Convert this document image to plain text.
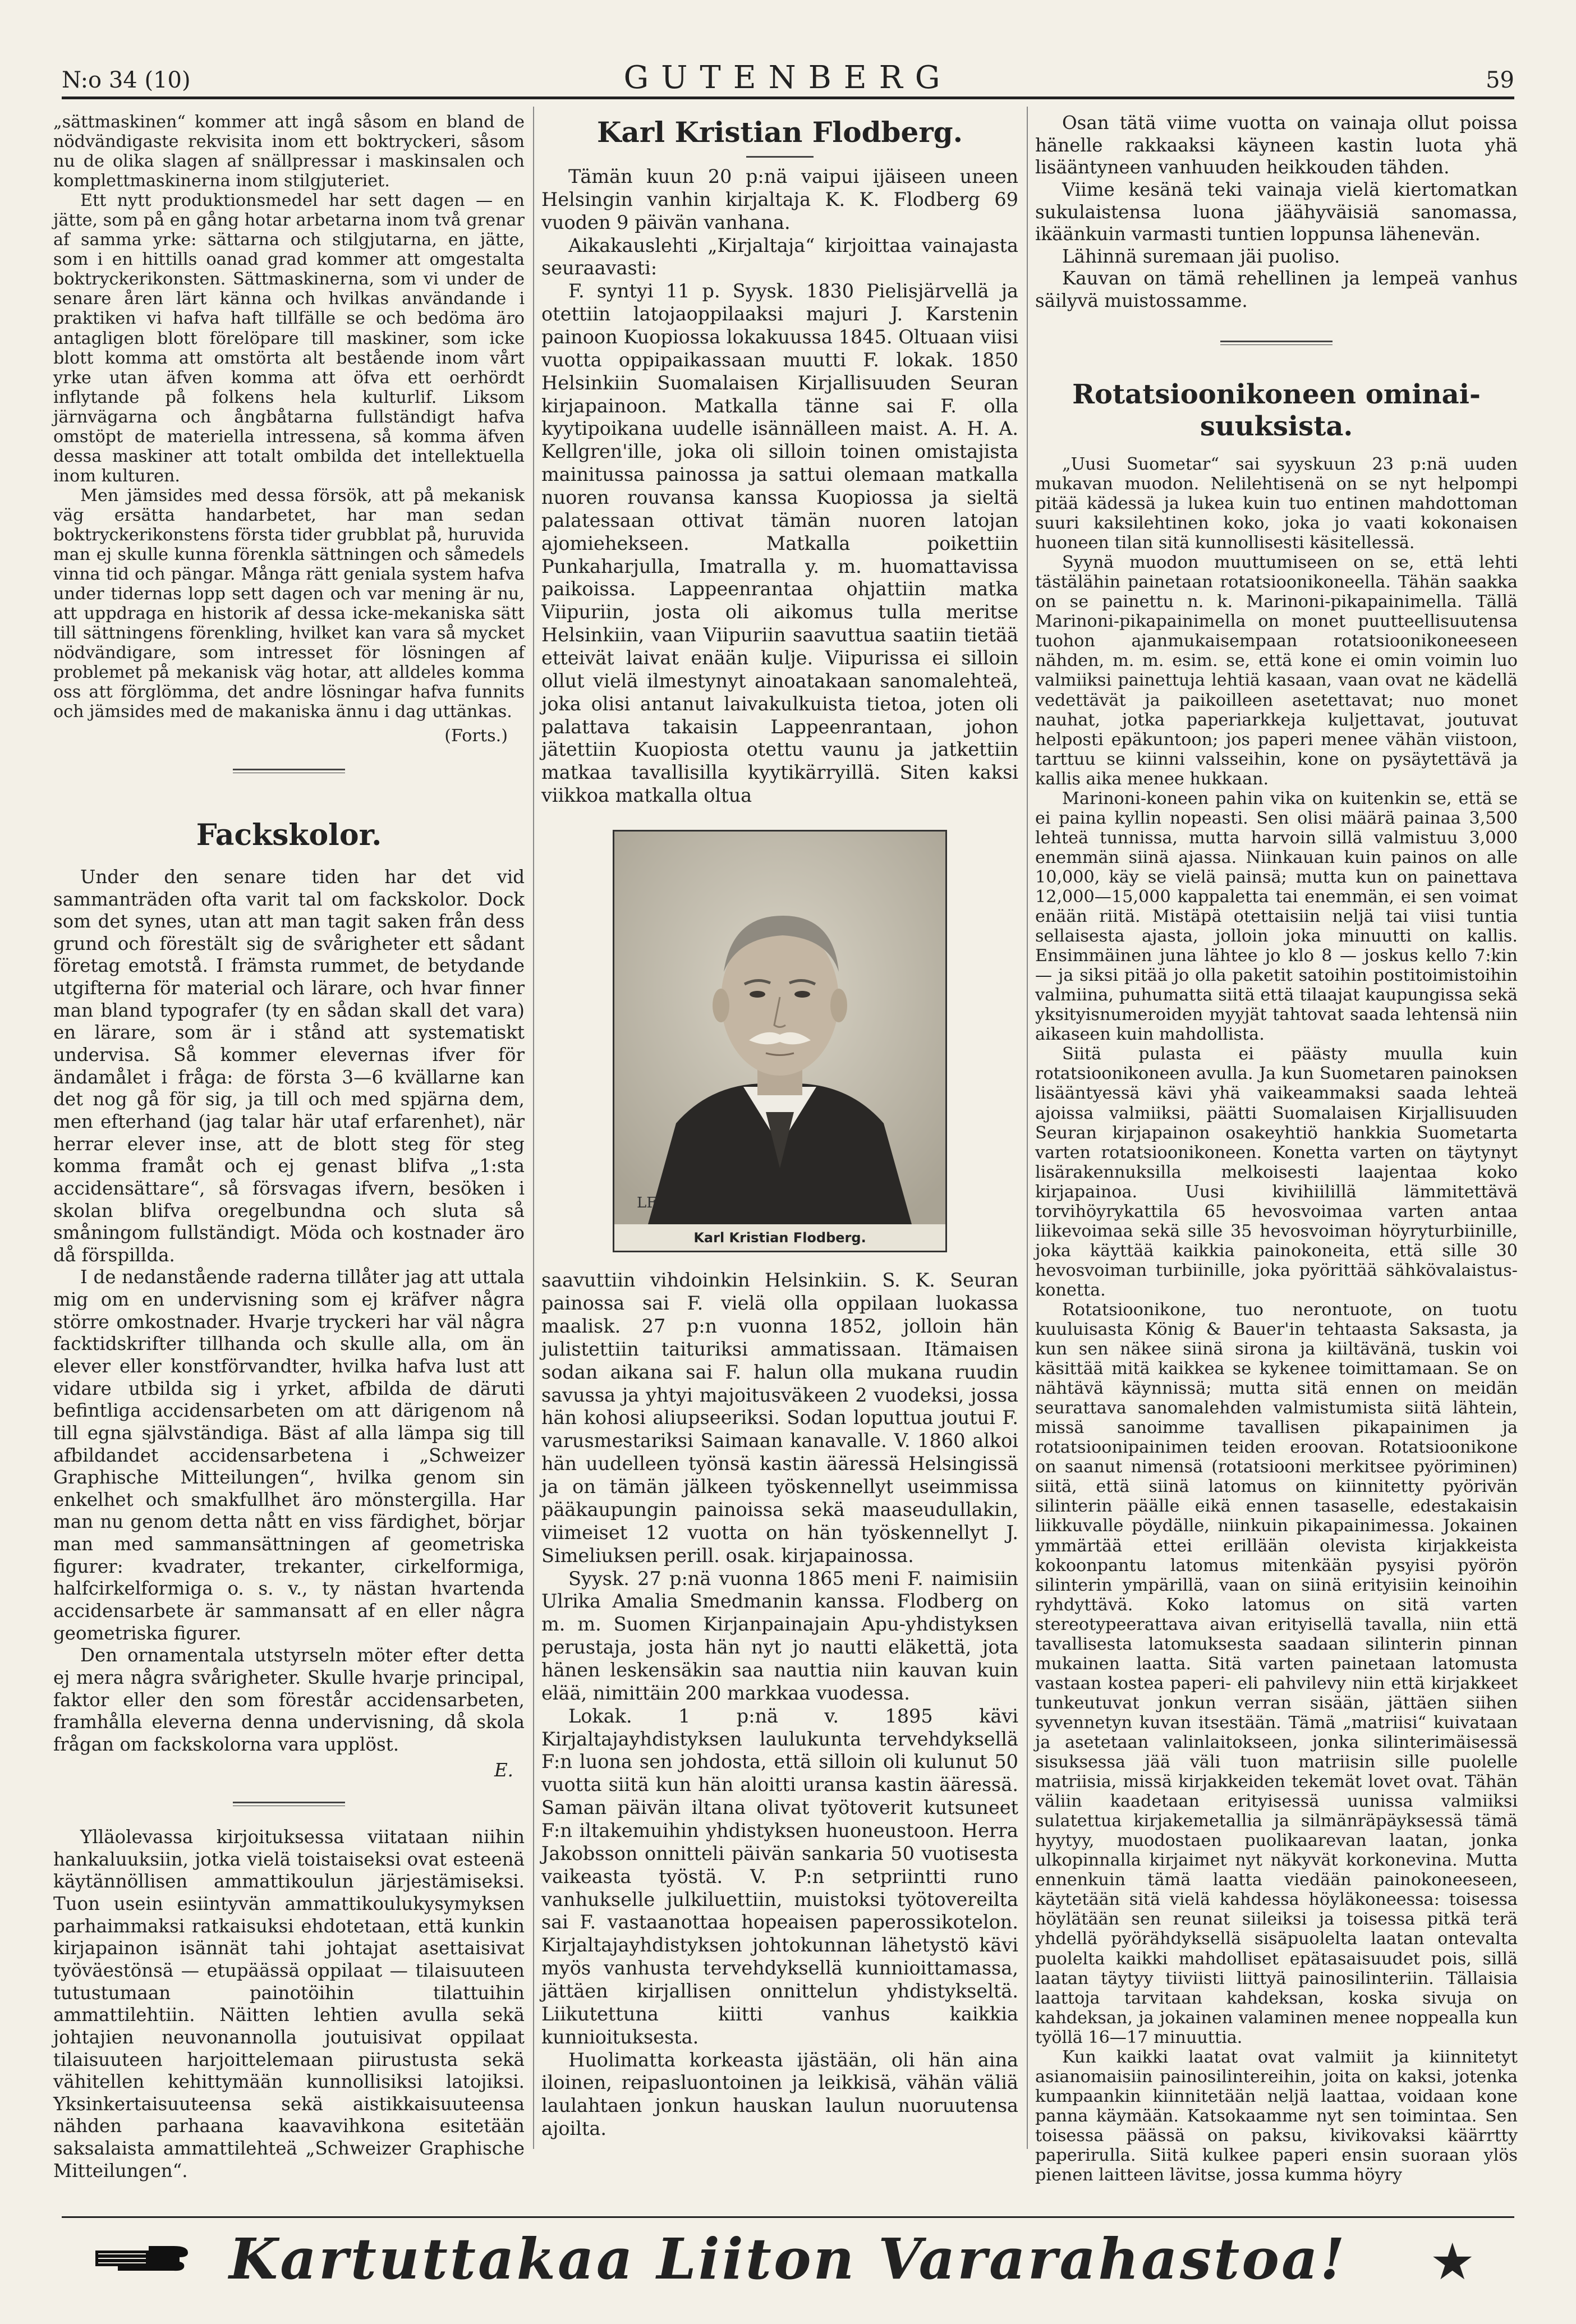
N:o 34 (10)	GUTENBERG	59

„sättmaskinen“ kommer att ingå såsom en bland de nödvändigaste rekvisita inom ett boktryckeri, såsom nu de olika slagen af snällpressar i maskinsalen och komplettmaskinerna inom stilgjuteriet.

Ett nytt produktionsmedel har sett dagen — en jätte, som på en gång hotar arbetarna inom två grenar af samma yrke: sättarna och stilgjutarna, en jätte, som i en hittills oanad grad kommer att omgestalta boktryckerikonsten. Sättmaskinerna, som vi under de senare åren lärt känna och hvilkas användande i praktiken vi hafva haft tillfälle se och bedöma äro antagligen blott förelöpare till maskiner, som icke blott komma att omstörta alt bestående inom vårt yrke utan äfven komma att öfva ett oerhördt inflytande på folkens hela kulturlif. Liksom järnvägarna och ångbåtarna fullständigt hafva omstöpt de materiella intressena, så komma äfven dessa maskiner att totalt ombilda det intellektuella inom kulturen.

Men jämsides med dessa försök, att på mekanisk väg ersätta handarbetet, har man sedan boktryckerikonstens första tider grubblat på, huruvida man ej skulle kunna förenkla sättningen och såmedels vinna tid och pängar. Många rätt geniala system hafva under tidernas lopp sett dagen och var mening är nu, att uppdraga en historik af dessa icke-mekaniska sätt till sättningens förenkling, hvilket kan vara så mycket nödvändigare, som intresset för lösningen af problemet på mekanisk väg hotar, att alldeles komma oss att förglömma, det andre lösningar hafva funnits och jämsides med de makaniska ännu i dag uttänkas.

(Forts.)
Fackskolor.

Under den senare tiden har det vid sammanträden ofta varit tal om fackskolor. Dock som det synes, utan att man tagit saken från dess grund och förestält sig de svårigheter ett sådant företag emotstå. I främsta rummet, de betydande utgifterna för material och lärare, och hvar finner man bland typografer (ty en sådan skall det vara) en lärare, som är i stånd att systematiskt undervisa. Så kommer elevernas ifver för ändamålet i fråga: de första 3—6 kvällarne kan det nog gå för sig, ja till och med spjärna dem, men efterhand (jag talar här utaf erfarenhet), när herrar elever inse, att de blott steg för steg komma framåt och ej genast blifva „1:sta accidensättare“, så försvagas ifvern, besöken i skolan blifva oregelbundna och sluta så småningom fullständigt. Möda och kostnader äro då förspillda.

I de nedanstående raderna tillåter jag att uttala mig om en undervisning som ej kräfver några större omkostnader. Hvarje tryckeri har väl några facktidskrifter tillhanda och skulle alla, om än elever eller konstförvandter, hvilka hafva lust att vidare utbilda sig i yrket, afbilda de däruti befintliga accidensarbeten om att därigenom nå till egna självständiga. Bäst af alla lämpa sig till afbildandet accidensarbetena i „Schweizer Graphische Mitteilungen“, hvilka genom sin enkelhet och smakfullhet äro mönstergilla. Har man nu genom detta nått en viss färdighet, börjar man med sammansättningen af geometriska figurer: kvadrater, trekanter, cirkelformiga, halfcirkelformiga o. s. v., ty nästan hvartenda accidensarbete är sammansatt af en eller några geometriska figurer.

Den ornamentala utstyrseln möter efter detta ej mera några svårigheter. Skulle hvarje principal, faktor eller den som förestår accidensarbeten, framhålla eleverna denna undervisning, då skola frågan om fackskolorna vara upplöst.

E.

Ylläolevassa kirjoituksessa viitataan niihin hankaluuksiin, jotka vielä toistaiseksi ovat esteenä käytännöllisen ammattikoulun järjestämiseksi. Tuon usein esiintyvän ammattikoulukysymyksen parhaimmaksi ratkaisuksi ehdotetaan, että kunkin kirjapainon isännät tahi johtajat asettaisivat työväestönsä — etupäässä oppilaat — tilaisuuteen tutustumaan painotöihin tilattuihin ammattilehtiin. Näitten lehtien avulla sekä johtajien neuvonannolla joutuisivat oppilaat tilaisuuteen harjoittelemaan piirustusta sekä vähitellen kehittymään kunnollisiksi latojiksi. Yksinkertaisuuteensa sekä aistikkaisuuteensa nähden parhaana kaavavihkona esitetään saksalaista ammattilehteä „Schweizer Graphische Mitteilungen“.

Karl Kristian Flodberg.

Tämän kuun 20 p:nä vaipui ijäiseen uneen Helsingin vanhin kirjaltaja K. K. Flodberg 69 vuoden 9 päivän vanhana.

Aikakauslehti „Kirjaltaja“ kirjoittaa vainajasta seuraavasti:

F. syntyi 11 p. Syysk. 1830 Pielisjärvellä ja otettiin latojaoppilaaksi majuri J. Karstenin painoon Kuopiossa lokakuussa 1845. Oltuaan viisi vuotta oppipaikassaan muutti F. lokak. 1850 Helsinkiin Suomalaisen Kirjallisuuden Seuran kirjapainoon. Matkalla tänne sai F. olla kyytipoikana uudelle isännälleen maist. A. H. A. Kellgren'ille, joka oli silloin toinen omistajista mainitussa painossa ja sattui olemaan matkalla nuoren rouvansa kanssa Kuopiossa ja sieltä palatessaan ottivat tämän nuoren latojan ajomiehekseen. Matkalla poikettiin Punkaharjulla, Imatralla y. m. huomattavissa paikoissa. Lappeenrantaa ohjattiin matka Viipuriin, josta oli aikomus tulla meritse Helsinkiin, vaan Viipuriin saavuttua saatiin tietää etteivät laivat enään kulje. Viipurissa ei silloin ollut vielä ilmestynyt ainoatakaan sanomalehteä, joka olisi antanut laivakulkuista tietoa, joten oli palattava takaisin Lappeenrantaan, johon jätettiin Kuopiosta otettu vaunu ja jatkettiin matkaa tavallisilla kyytikärryillä. Siten kaksi viikkoa matkalla oltua

LF
Karl Kristian Flodberg.

saavuttiin vihdoinkin Helsinkiin. S. K. Seuran painossa sai F. vielä olla oppilaan luokassa maalisk. 27 p:n vuonna 1852, jolloin hän julistettiin taituriksi ammatissaan. Itämaisen sodan aikana sai F. halun olla mukana ruudin savussa ja yhtyi majoitusväkeen 2 vuodeksi, jossa hän kohosi aliupseeriksi. Sodan loputtua joutui F. varusmestariksi Saimaan kanavalle. V. 1860 alkoi hän uudelleen työnsä kastin ääressä Helsingissä ja on tämän jälkeen työskennellyt useimmissa pääkaupungin painoissa sekä maaseudullakin, viimeiset 12 vuotta on hän työskennellyt J. Simeliuksen perill. osak. kirjapainossa.

Syysk. 27 p:nä vuonna 1865 meni F. naimisiin Ulrika Amalia Smedmanin kanssa. Flodberg on m. m. Suomen Kirjanpainajain Apu-yhdistyksen perustaja, josta hän nyt jo nautti eläkettä, jota hänen leskensäkin saa nauttia niin kauvan kuin elää, nimittäin 200 markkaa vuodessa.

Lokak. 1 p:nä v. 1895 kävi Kirjaltajayhdistyksen laulukunta tervehdyksellä F:n luona sen johdosta, että silloin oli kulunut 50 vuotta siitä kun hän aloitti uransa kastin ääressä. Saman päivän iltana olivat työtoverit kutsuneet F:n iltakemuihin yhdistyksen huoneustoon. Herra Jakobsson onnitteli päivän sankaria 50 vuotisesta vaikeasta työstä. V. P:n setpriintti runo vanhukselle julkiluettiin, muistoksi työtovereilta sai F. vastaanottaa hopeaisen paperossikotelon. Kirjaltajayhdistyksen johtokunnan lähetystö kävi myös vanhusta tervehdyksellä kunnioittamassa, jättäen kirjallisen onnittelun yhdistykseltä. Liikutettuna kiitti vanhus kaikkia kunnioituksesta.

Huolimatta korkeasta ijästään, oli hän aina iloinen, reipasluontoinen ja leikkisä, vähän väliä laulahtaen jonkun hauskan laulun nuoruutensa ajoilta.

Osan tätä viime vuotta on vainaja ollut poissa hänelle rakkaaksi käyneen kastin luota yhä lisääntyneen vanhuuden heikkouden tähden.

Viime kesänä teki vainaja vielä kiertomatkan sukulaistensa luona jäähyväisiä sanomassa, ikäänkuin varmasti tuntien loppunsa lähenevän.

Lähinnä suremaan jäi puoliso.

Kauvan on tämä rehellinen ja lempeä vanhus säilyvä muistossamme.

Rotatsioonikoneen ominai-
suuksista.

„Uusi Suometar“ sai syyskuun 23 p:nä uuden mukavan muodon. Nelilehtisenä on se nyt helpompi pitää kädessä ja lukea kuin tuo entinen mahdottoman suuri kaksilehtinen koko, joka jo vaati kokonaisen huoneen tilan sitä kunnollisesti käsitellessä.

Syynä muodon muuttumiseen on se, että lehti tästälähin painetaan rotatsioonikoneella. Tähän saakka on se painettu n. k. Marinoni-pikapainimella. Tällä Marinoni-pikapainimella on monet puutteellisuutensa tuohon ajanmukaisempaan rotatsioonikoneeseen nähden, m. m. esim. se, että kone ei omin voimin luo valmiiksi painettuja lehtiä kasaan, vaan ovat ne kädellä vedettävät ja paikoilleen asetettavat; nuo monet nauhat, jotka paperiarkkeja kuljettavat, joutuvat helposti epäkuntoon; jos paperi menee vähän viistoon, tarttuu se kiinni valsseihin, kone on pysäytettävä ja kallis aika menee hukkaan.

Marinoni-koneen pahin vika on kuitenkin se, että se ei paina kyllin nopeasti. Sen olisi määrä painaa 3,500 lehteä tunnissa, mutta harvoin sillä valmistuu 3,000 enemmän siinä ajassa. Niinkauan kuin painos on alle 10,000, käy se vielä painsä; mutta kun on painettava 12,000—15,000 kappaletta tai enemmän, ei sen voimat enään riitä. Mistäpä otettaisiin neljä tai viisi tuntia sellaisesta ajasta, jolloin joka minuutti on kallis. Ensimmäinen juna lähtee jo klo 8 — joskus kello 7:kin — ja siksi pitää jo olla paketit satoihin postitoimistoihin valmiina, puhumatta siitä että tilaajat kaupungissa sekä yksityisnumeroiden myyjät tahtovat saada lehtensä niin aikaseen kuin mahdollista.

Siitä pulasta ei päästy muulla kuin rotatsioonikoneen avulla. Ja kun Suometaren painoksen lisääntyessä kävi yhä vaikeammaksi saada lehteä ajoissa valmiiksi, päätti Suomalaisen Kirjallisuuden Seuran kirjapainon osakeyhtiö hankkia Suometarta varten rotatsioonikoneen. Konetta varten on täytynyt lisärakennuksilla melkoisesti laajentaa koko kirjapainoa. Uusi kivihiilillä lämmitettävä torvihöyrykattila 65 hevosvoimaa varten antaa liikevoimaa sekä sille 35 hevosvoiman höyryturbiinille, joka käyttää kaikkia painokoneita, että sille 30 hevosvoiman turbiinille, joka pyörittää sähkövalaistus-konetta.

Rotatsioonikone, tuo nerontuote, on tuotu kuuluisasta König & Bauer'in tehtaasta Saksasta, ja kun sen näkee siinä sirona ja kiiltävänä, tuskin voi käsittää mitä kaikkea se kykenee toimittamaan. Se on nähtävä käynnissä; mutta sitä ennen on meidän seurattava sanomalehden valmistumista siitä lähtein, missä sanoimme tavallisen pikapainimen ja rotatsioonipainimen teiden eroovan. Rotatsioonikone on saanut nimensä (rotatsiooni merkitsee pyöriminen) siitä, että siinä latomus on kiinnitetty pyörivän silinterin päälle eikä ennen tasaselle, edestakaisin liikkuvalle pöydälle, niinkuin pikapainimessa. Jokainen ymmärtää ettei erillään olevista kirjakkeista kokoonpantu latomus mitenkään pysyisi pyörön silinterin ympärillä, vaan on siinä erityisiin keinoihin ryhdyttävä. Koko latomus on sitä varten stereotypeerattava aivan erityisellä tavalla, niin että tavallisesta latomuksesta saadaan silinterin pinnan mukainen laatta. Sitä varten painetaan latomusta vastaan kostea paperi- eli pahvilevy niin että kirjakkeet tunkeutuvat jonkun verran sisään, jättäen siihen syvennetyn kuvan itsestään. Tämä „matriisi“ kuivataan ja asetetaan valinlaitokseen, jonka silinterimäisessä sisuksessa jää väli tuon matriisin sille puolelle matriisia, missä kirjakkeiden tekemät lovet ovat. Tähän väliin kaadetaan erityisessä uunissa valmiiksi sulatettua kirjakemetallia ja silmänräpäyksessä tämä hyytyy, muodostaen puolikaarevan laatan, jonka ulkopinnalla kirjaimet nyt näkyvät korkonevina. Mutta ennenkuin tämä laatta viedään painokoneeseen, käytetään sitä vielä kahdessa höyläkoneessa: toisessa höylätään sen reunat siileiksi ja toisessa pitkä terä yhdellä pyörähdyksellä sisäpuolelta laatan ontevalta puolelta kaikki mahdolliset epätasaisuudet pois, sillä laatan täytyy tiiviisti liittyä painosilinteriin. Tällaisia laattoja tarvitaan kahdeksan, koska sivuja on kahdeksan, ja jokainen valaminen menee noppealla kun työllä 16—17 minuuttia.

Kun kaikki laatat ovat valmiit ja kiinnitetyt asianomaisiin painosilintereihin, joita on kaksi, jotenka kumpaankin kiinnitetään neljä laattaa, voidaan kone panna käymään. Katsokaamme nyt sen toimintaa. Sen toisessa päässä on paksu, kivikovaksi käärrtty paperirulla. Siitä kulkee paperi ensin suoraan ylös pienen laitteen lävitse, jossa kumma höyry

Kartuttakaa Liiton Vararahastoa!	★
